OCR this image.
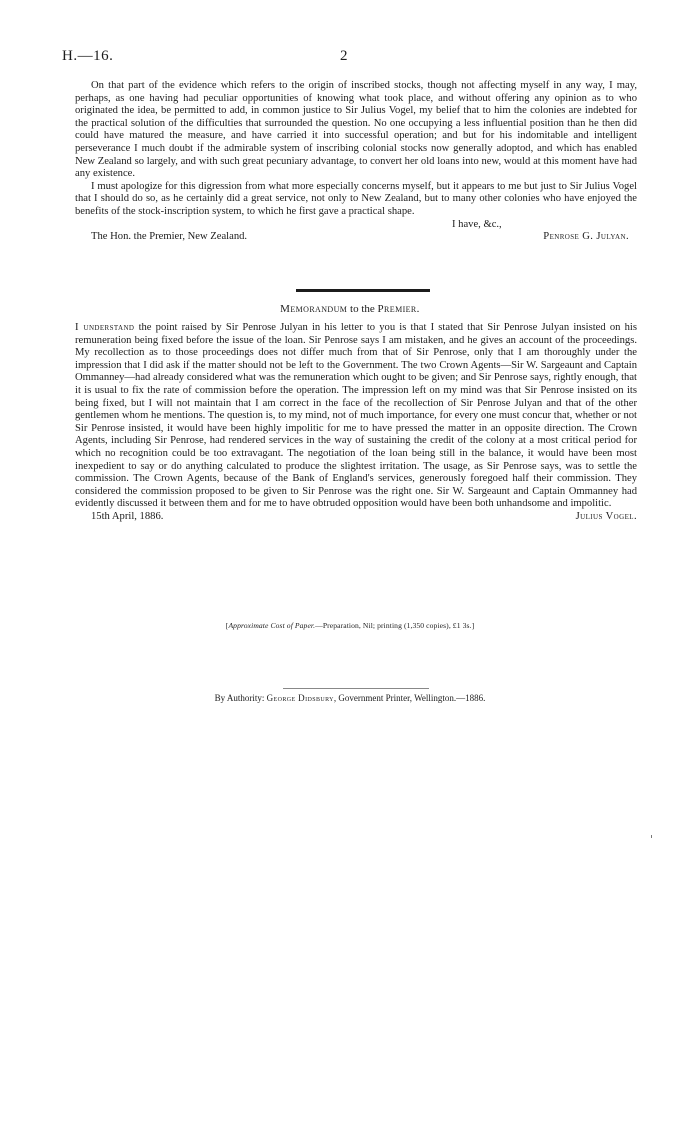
H.—16.	2

On that part of the evidence which refers to the origin of inscribed stocks, though not affecting myself in any way, I may, perhaps, as one having had peculiar opportunities of knowing what took place, and without offering any opinion as to who originated the idea, be permitted to add, in common justice to Sir Julius Vogel, my belief that to him the colonies are indebted for the practical solution of the difficulties that surrounded the question. No one occupying a less influential position than he then did could have matured the measure, and have carried it into successful operation; and but for his indomitable and intelligent perseverance I much doubt if the admirable system of inscribing colonial stocks now generally adoptod, and which has enabled New Zealand so largely, and with such great pecuniary advantage, to convert her old loans into new, would at this moment have had any existence.

I must apologize for this digression from what more especially concerns myself, but it appears to me but just to Sir Julius Vogel that I should do so, as he certainly did a great service, not only to New Zealand, but to many other colonies who have enjoyed the benefits of the stock-inscription system, to which he first gave a practical shape.

I have, &c.,
The Hon. the Premier, New Zealand.	Penrose G. Julyan.
Memorandum to the Premier.

I understand the point raised by Sir Penrose Julyan in his letter to you is that I stated that Sir Penrose Julyan insisted on his remuneration being fixed before the issue of the loan. Sir Penrose says I am mistaken, and he gives an account of the proceedings. My recollection as to those proceedings does not differ much from that of Sir Penrose, only that I am thoroughly under the impression that I did ask if the matter should not be left to the Government. The two Crown Agents—Sir W. Sargeaunt and Captain Ommanney—had already considered what was the remuneration which ought to be given; and Sir Penrose says, rightly enough, that it is usual to fix the rate of commission before the operation. The impression left on my mind was that Sir Penrose insisted on its being fixed, but I will not maintain that I am correct in the face of the recollection of Sir Penrose Julyan and that of the other gentlemen whom he mentions. The question is, to my mind, not of much importance, for every one must concur that, whether or not Sir Penrose insisted, it would have been highly impolitic for me to have pressed the matter in an opposite direction. The Crown Agents, including Sir Penrose, had rendered services in the way of sustaining the credit of the colony at a most critical period for which no recognition could be too extravagant. The negotiation of the loan being still in the balance, it would have been most inexpedient to say or do anything calculated to produce the slightest irritation. The usage, as Sir Penrose says, was to settle the commission. The Crown Agents, because of the Bank of England's services, generously foregoed half their commission. They considered the commission proposed to be given to Sir Penrose was the right one. Sir W. Sargeaunt and Captain Ommanney had evidently discussed it between them and for me to have obtruded opposition would have been both unhandsome and impolitic.

15th April, 1886.	Julius Vogel.
[Approximate Cost of Paper.—Preparation, Nil; printing (1,350 copies), £1 3s.]
By Authority: George Didsbury, Government Printer, Wellington.—1886.
